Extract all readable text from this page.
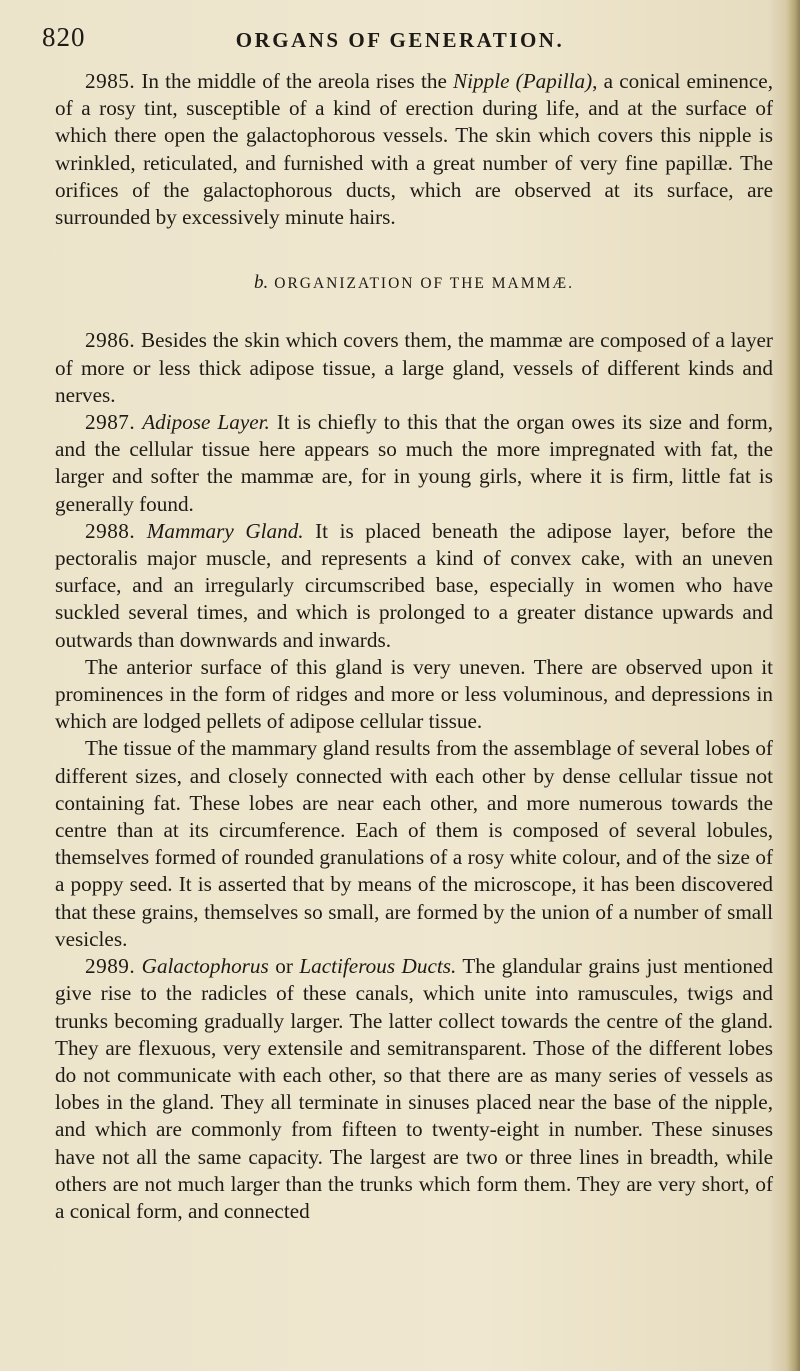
820	ORGANS OF GENERATION.

2985. In the middle of the areola rises the Nipple (Papilla), a conical eminence, of a rosy tint, susceptible of a kind of erection during life, and at the surface of which there open the galactophorous vessels. The skin which covers this nipple is wrinkled, reticulated, and furnished with a great number of very fine papillæ. The orifices of the galactophorous ducts, which are observed at its surface, are surrounded by excessively minute hairs.

b. ORGANIZATION OF THE MAMMÆ.

2986. Besides the skin which covers them, the mammæ are composed of a layer of more or less thick adipose tissue, a large gland, vessels of different kinds and nerves.

2987. Adipose Layer. It is chiefly to this that the organ owes its size and form, and the cellular tissue here appears so much the more impregnated with fat, the larger and softer the mammæ are, for in young girls, where it is firm, little fat is generally found.

2988. Mammary Gland. It is placed beneath the adipose layer, before the pectoralis major muscle, and represents a kind of convex cake, with an uneven surface, and an irregularly circumscribed base, especially in women who have suckled several times, and which is prolonged to a greater distance upwards and outwards than downwards and inwards.

The anterior surface of this gland is very uneven. There are observed upon it prominences in the form of ridges and more or less voluminous, and depressions in which are lodged pellets of adipose cellular tissue.

The tissue of the mammary gland results from the assemblage of several lobes of different sizes, and closely connected with each other by dense cellular tissue not containing fat. These lobes are near each other, and more numerous towards the centre than at its circumference. Each of them is composed of several lobules, themselves formed of rounded granulations of a rosy white colour, and of the size of a poppy seed. It is asserted that by means of the microscope, it has been discovered that these grains, themselves so small, are formed by the union of a number of small vesicles.

2989. Galactophorus or Lactiferous Ducts. The glandular grains just mentioned give rise to the radicles of these canals, which unite into ramuscules, twigs and trunks becoming gradually larger. The latter collect towards the centre of the gland. They are flexuous, very extensile and semitransparent. Those of the different lobes do not communicate with each other, so that there are as many series of vessels as lobes in the gland. They all terminate in sinuses placed near the base of the nipple, and which are commonly from fifteen to twenty-eight in number. These sinuses have not all the same capacity. The largest are two or three lines in breadth, while others are not much larger than the trunks which form them. They are very short, of a conical form, and connected
